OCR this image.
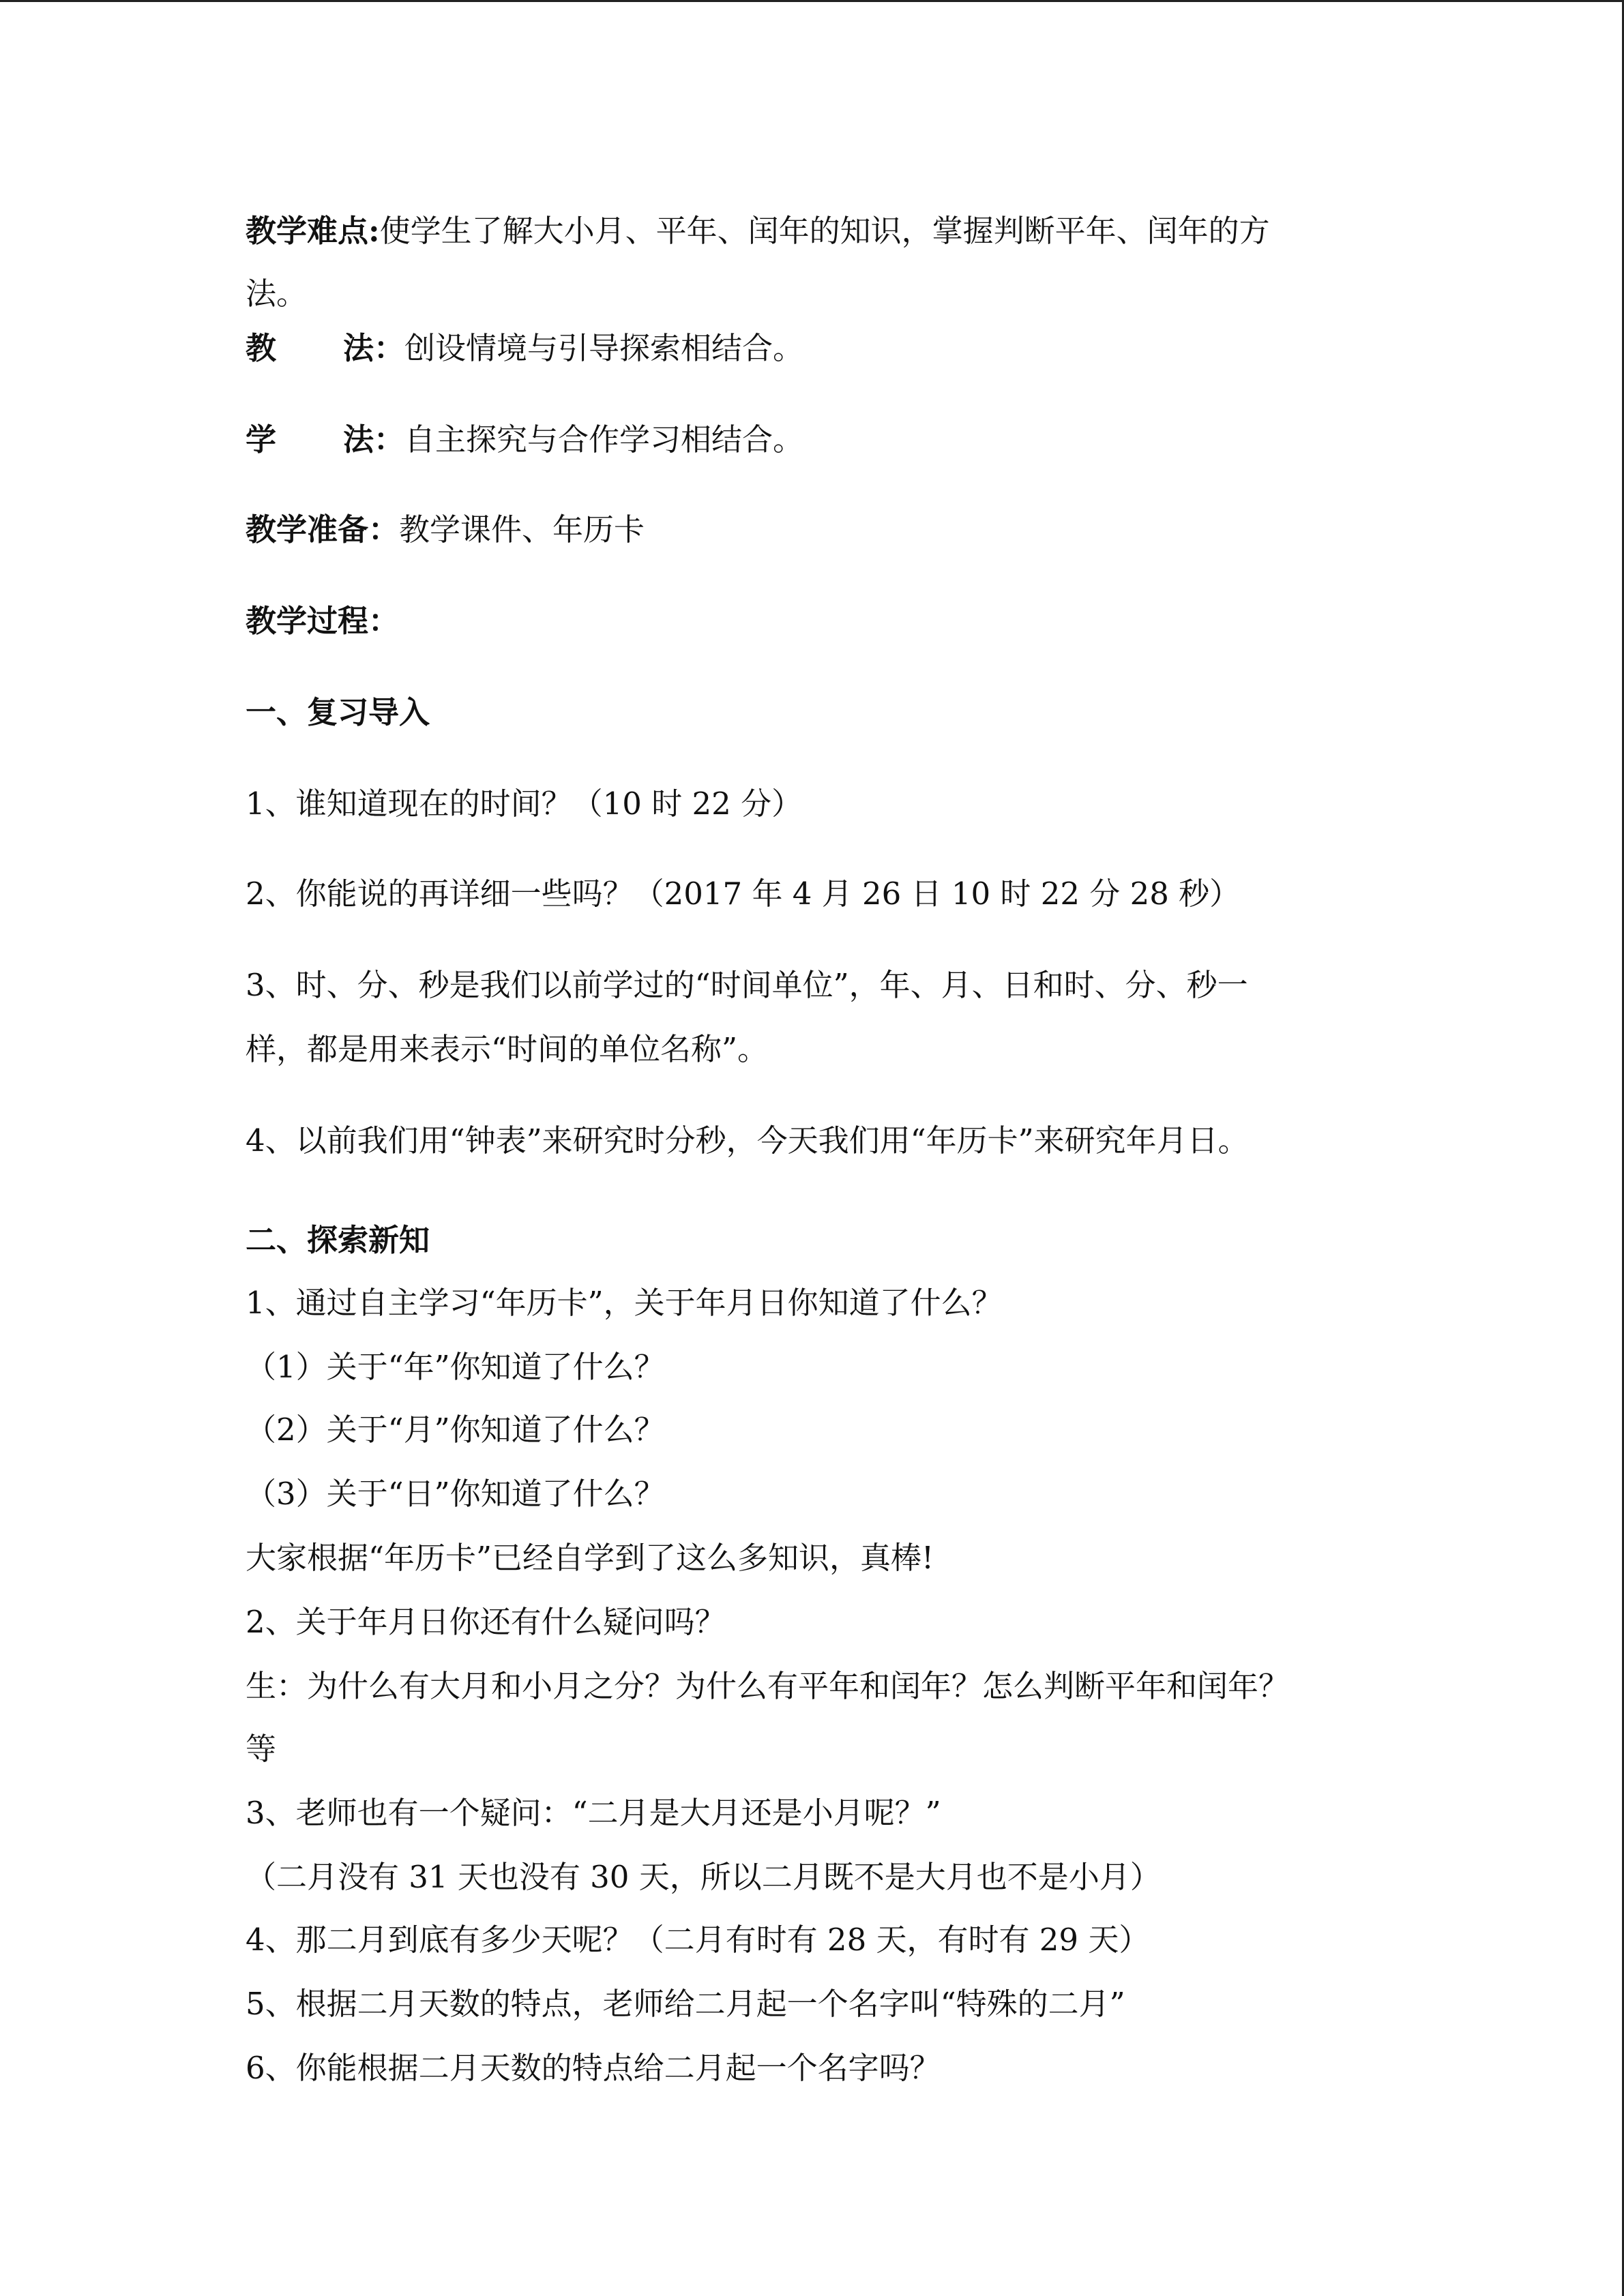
教学难点:使学生了解大小月、平年、闰年的知识，掌握判断平年、闰年的方
法。
教 法：创设情境与引导探索相结合。
学 法：自主探究与合作学习相结合。
教学准备：教学课件、年历卡
教学过程：
一、复习导入
1、谁知道现在的时间？（10 时 22 分）
2、你能说的再详细一些吗？（2017 年 4 月 26 日 10 时 22 分 28 秒）
3、时、分、秒是我们以前学过的“时间单位”，年、月、日和时、分、秒一
样，都是用来表示“时间的单位名称”。
4、以前我们用“钟表”来研究时分秒，今天我们用“年历卡”来研究年月日。
二、探索新知
1、通过自主学习“年历卡”，关于年月日你知道了什么？
（1）关于“年”你知道了什么？
（2）关于“月”你知道了什么？
（3）关于“日”你知道了什么？
大家根据“年历卡”已经自学到了这么多知识，真棒!
2、关于年月日你还有什么疑问吗？
生：为什么有大月和小月之分？为什么有平年和闰年？怎么判断平年和闰年？
等
3、老师也有一个疑问：“二月是大月还是小月呢？”
（二月没有 31 天也没有 30 天，所以二月既不是大月也不是小月）
4、那二月到底有多少天呢？（二月有时有 28 天，有时有 29 天）
5、根据二月天数的特点，老师给二月起一个名字叫“特殊的二月”
6、你能根据二月天数的特点给二月起一个名字吗？
